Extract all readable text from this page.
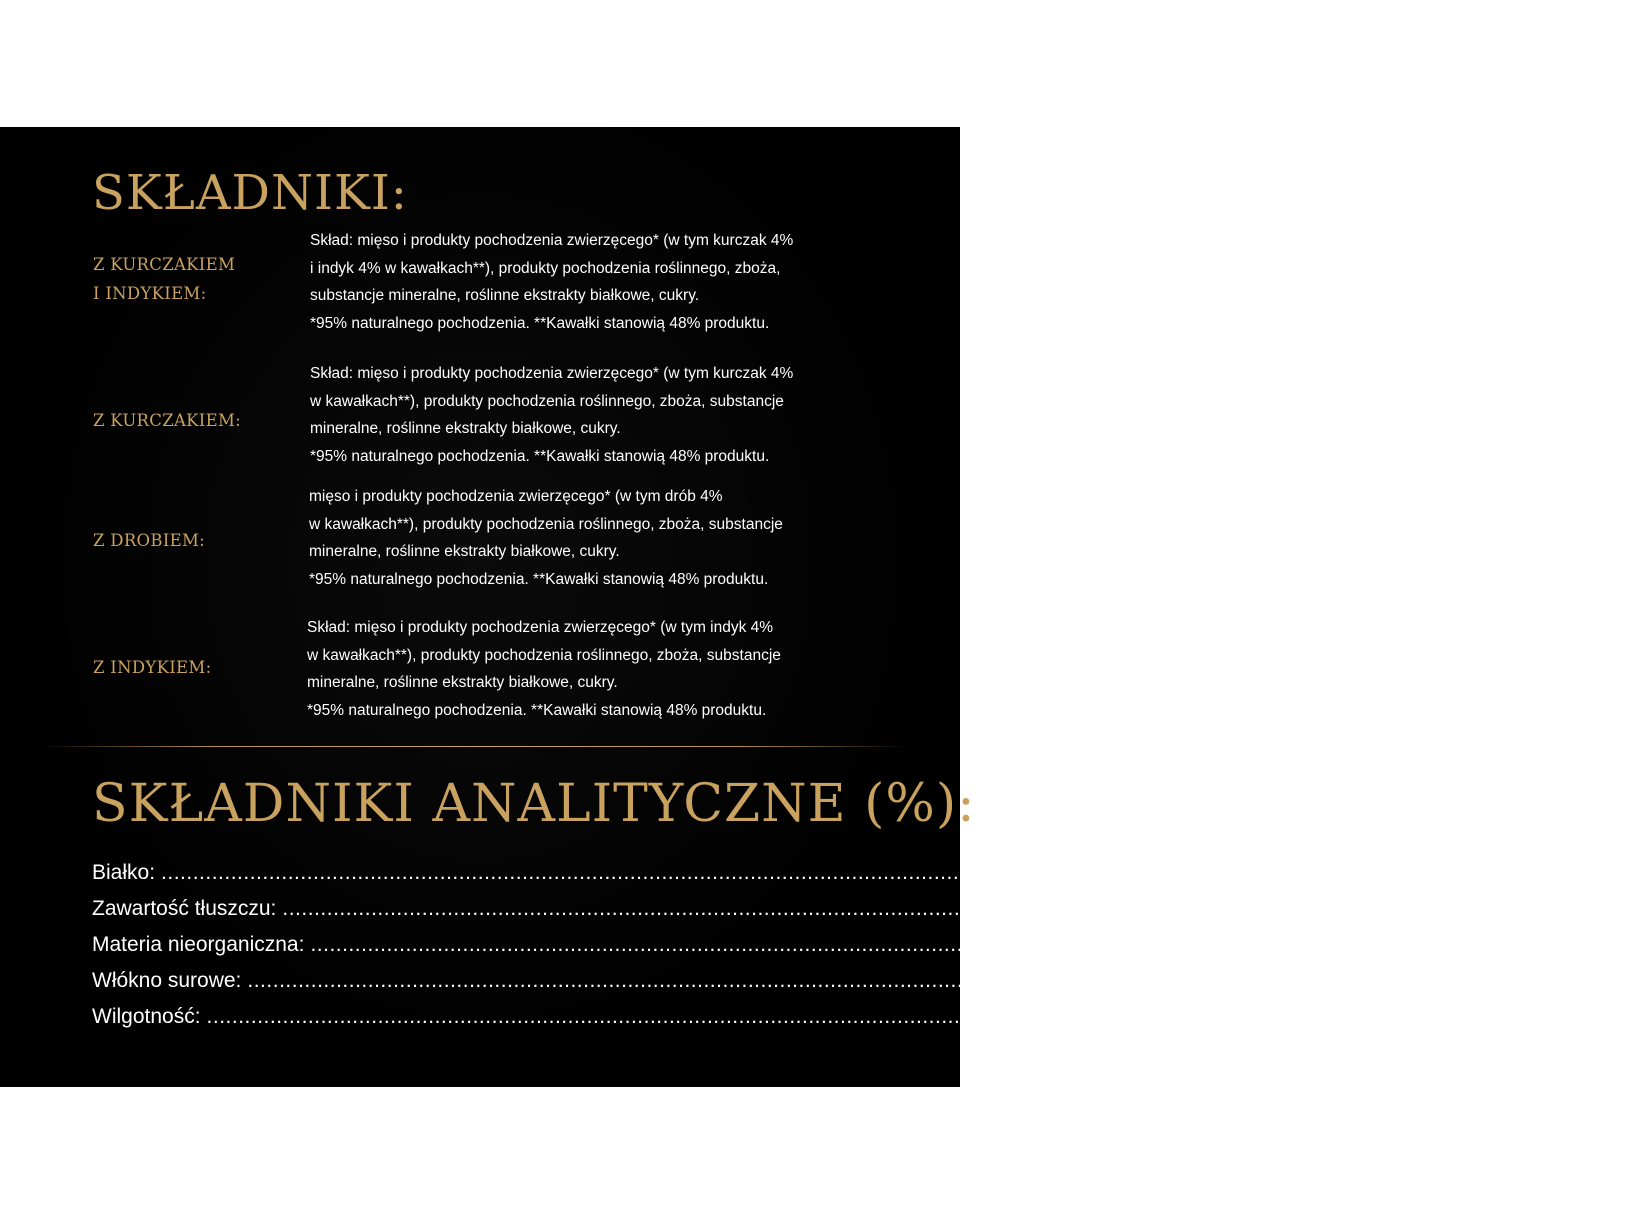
SKŁADNIKI:
Z KURCZAKIEM
I INDYKIEM:
Skład: mięso i produkty pochodzenia zwierzęcego* (w tym kurczak 4%
i indyk 4% w kawałkach**), produkty pochodzenia roślinnego, zboża,
substancje mineralne, roślinne ekstrakty białkowe, cukry.
*95% naturalnego pochodzenia. **Kawałki stanowią 48% produktu.
Z KURCZAKIEM:
Skład: mięso i produkty pochodzenia zwierzęcego* (w tym kurczak 4%
w kawałkach**), produkty pochodzenia roślinnego, zboża, substancje
mineralne, roślinne ekstrakty białkowe, cukry.
*95% naturalnego pochodzenia. **Kawałki stanowią 48% produktu.
Z DROBIEM:
mięso i produkty pochodzenia zwierzęcego* (w tym drób 4%
w kawałkach**), produkty pochodzenia roślinnego, zboża, substancje
mineralne, roślinne ekstrakty białkowe, cukry.
*95% naturalnego pochodzenia. **Kawałki stanowią 48% produktu.
Z INDYKIEM:
Skład: mięso i produkty pochodzenia zwierzęcego* (w tym indyk 4%
w kawałkach**), produkty pochodzenia roślinnego, zboża, substancje
mineralne, roślinne ekstrakty białkowe, cukry.
*95% naturalnego pochodzenia. **Kawałki stanowią 48% produktu.
SKŁADNIKI ANALITYCZNE (%):
Białko: ........................................................................................................................................................................................................ 8,7%
Zawartość tłuszczu: ........................................................................................................................................................................................................ 5,0%
Materia nieorganiczna: ........................................................................................................................................................................................................ 2,0%
Włókno surowe: ........................................................................................................................................................................................................ 0,31%
Wilgotność: ........................................................................................................................................................................................................ 82,0%
